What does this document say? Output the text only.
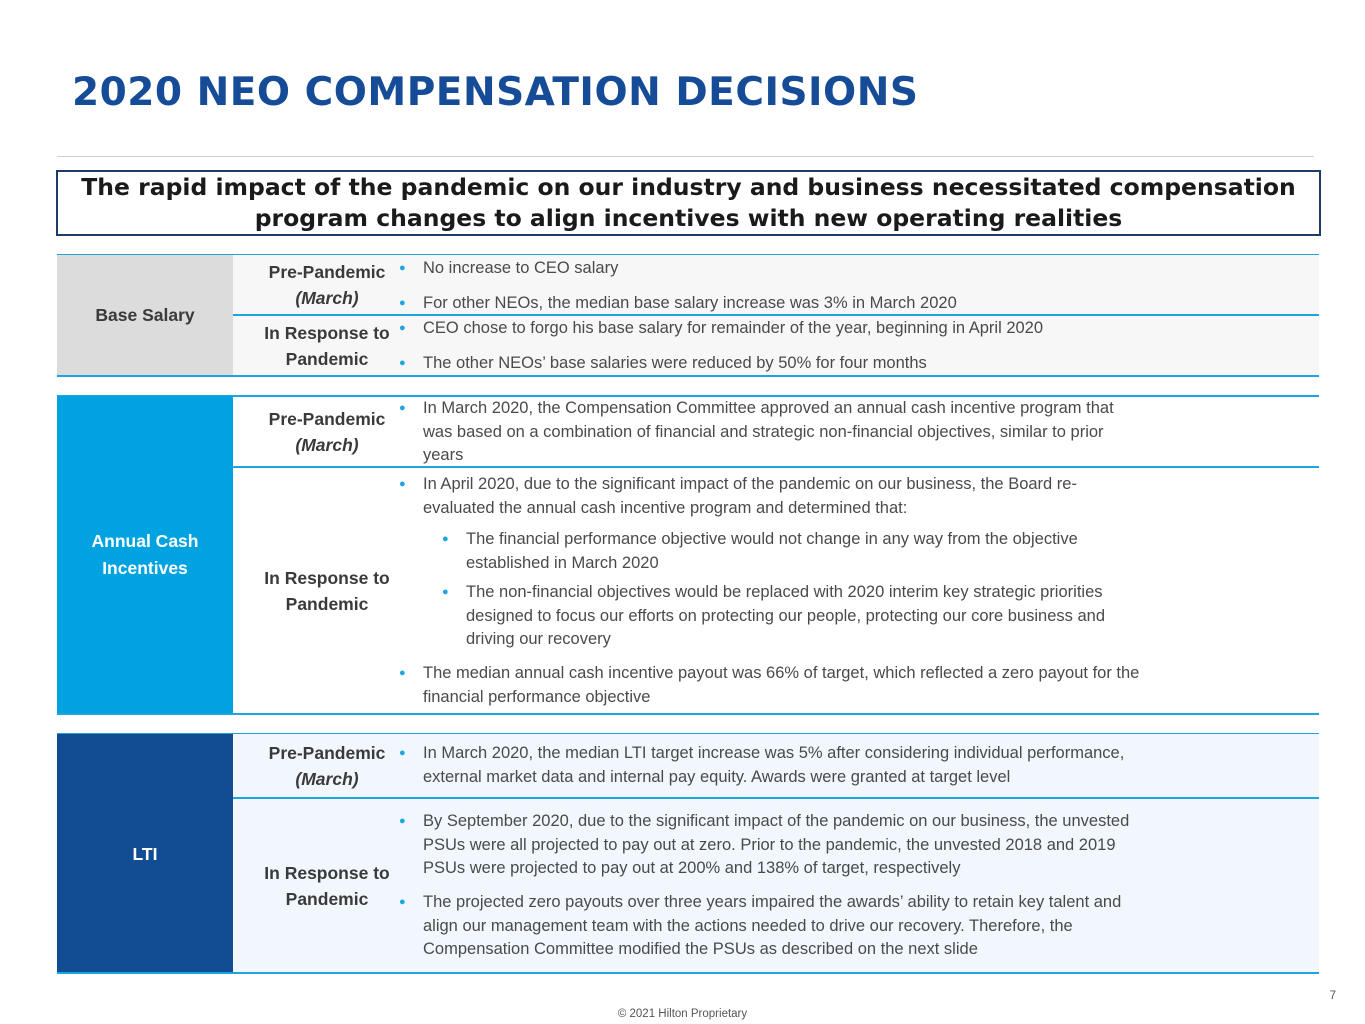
2020 NEO COMPENSATION DECISIONS
The rapid impact of the pandemic on our industry and business necessitated compensation
program changes to align incentives with new operating realities
Base Salary
Pre-Pandemic
(March)
● No increase to CEO salary
● For other NEOs, the median base salary increase was 3% in March 2020
In Response to
Pandemic
● CEO chose to forgo his base salary for remainder of the year, beginning in April 2020
● The other NEOs’ base salaries were reduced by 50% for four months
Annual Cash
Incentives
Pre-Pandemic
(March)
● In March 2020, the Compensation Committee approved an annual cash incentive program that
was based on a combination of financial and strategic non-financial objectives, similar to prior
years
In Response to
Pandemic
● In April 2020, due to the significant impact of the pandemic on our business, the Board re-
evaluated the annual cash incentive program and determined that:
● The financial performance objective would not change in any way from the objective
established in March 2020
● The non-financial objectives would be replaced with 2020 interim key strategic priorities
designed to focus our efforts on protecting our people, protecting our core business and
driving our recovery
● The median annual cash incentive payout was 66% of target, which reflected a zero payout for the
financial performance objective
LTI
Pre-Pandemic
(March)
● In March 2020, the median LTI target increase was 5% after considering individual performance,
external market data and internal pay equity. Awards were granted at target level
In Response to
Pandemic
● By September 2020, due to the significant impact of the pandemic on our business, the unvested
PSUs were all projected to pay out at zero. Prior to the pandemic, the unvested 2018 and 2019
PSUs were projected to pay out at 200% and 138% of target, respectively
● The projected zero payouts over three years impaired the awards’ ability to retain key talent and
align our management team with the actions needed to drive our recovery. Therefore, the
Compensation Committee modified the PSUs as described on the next slide
7
© 2021 Hilton Proprietary
